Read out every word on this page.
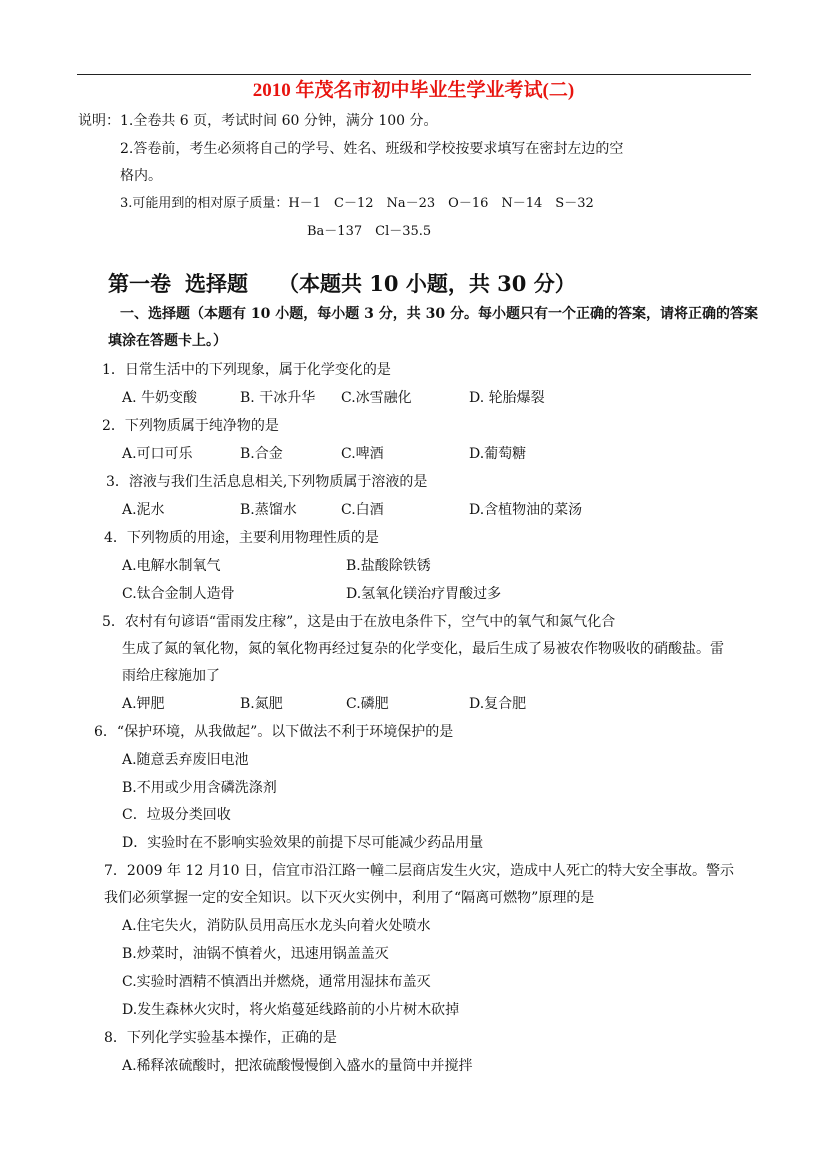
2010 年茂名市初中毕业生学业考试(二)
说明： 1.全卷共 6 页，考试时间 60 分钟，满分 100 分。
2.答卷前，考生必须将自己的学号、姓名、班级和学校按要求填写在密封左边的空
格内。
3.可能用到的相对原子质量：H－1　C－12　Na－23　O－16　N－14　S－32
Ba－137　Cl－35.5
第一卷 选择题 （本题共 10 小题，共 30 分）
一、选择题（本题有 10 小题，每小题 3 分，共 30 分。每小题只有一个正确的答案，请将正确的答案
填涂在答题卡上。）
1．日常生活中的下列现象，属于化学变化的是
A. 牛奶变酸	B. 干冰升华 C.冰雪融化	D. 轮胎爆裂
2．下列物质属于纯净物的是
A.可口可乐	B.合金	C.啤酒	D.葡萄糖
3．溶液与我们生活息息相关,下列物质属于溶液的是
A.泥水	B.蒸馏水	C.白酒	D.含植物油的菜汤
4．下列物质的用途，主要利用物理性质的是
A.电解水制氧气	B.盐酸除铁锈
C.钛合金制人造骨	D.氢氧化镁治疗胃酸过多
5．农村有句谚语“雷雨发庄稼”，这是由于在放电条件下，空气中的氧气和氮气化合
生成了氮的氧化物，氮的氧化物再经过复杂的化学变化，最后生成了易被农作物吸收的硝酸盐。雷
雨给庄稼施加了
A.钾肥	B.氮肥	C.磷肥	D.复合肥
6．“保护环境，从我做起”。以下做法不利于环境保护的是
A.随意丢弃废旧电池
B.不用或少用含磷洗涤剂
C．垃圾分类回收
D．实验时在不影响实验效果的前提下尽可能减少药品用量
7．2009 年 12 月10 日，信宜市沿江路一幢二层商店发生火灾，造成中人死亡的特大安全事故。警示
我们必须掌握一定的安全知识。以下灭火实例中，利用了“隔离可燃物”原理的是
A.住宅失火，消防队员用高压水龙头向着火处喷水
B.炒菜时，油锅不慎着火，迅速用锅盖盖灭
C.实验时酒精不慎酒出并燃烧，通常用湿抹布盖灭
D.发生森林火灾时，将火焰蔓延线路前的小片树木砍掉
8．下列化学实验基本操作，正确的是
A.稀释浓硫酸时，把浓硫酸慢慢倒入盛水的量筒中并搅拌
